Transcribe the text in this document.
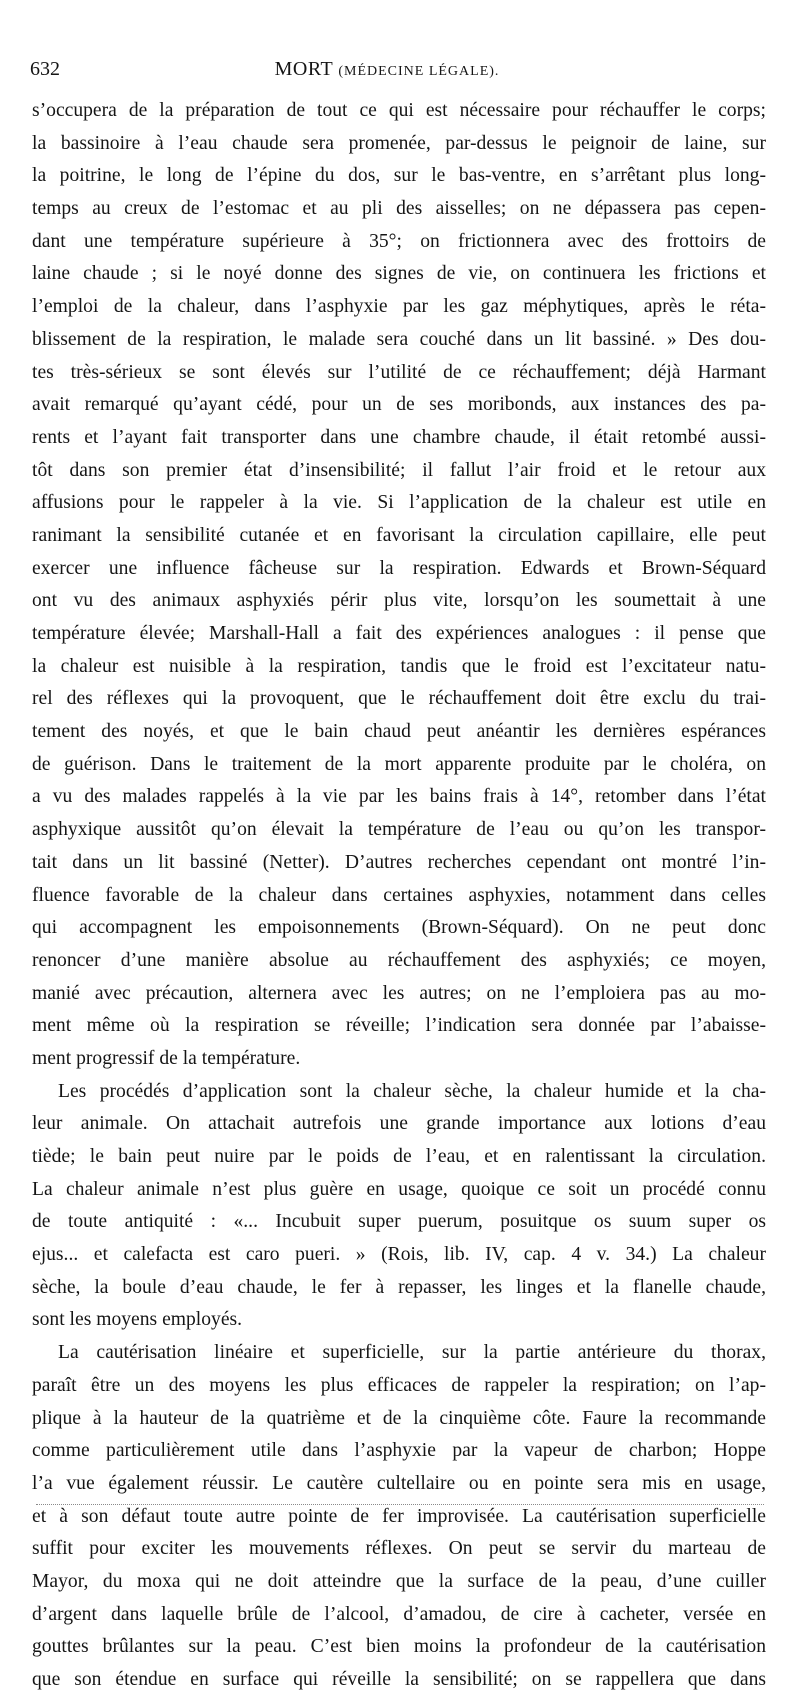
632	MORT (MÉDECINE LÉGALE).
s’occupera de la préparation de tout ce qui est nécessaire pour réchauffer le corps;
la bassinoire à l’eau chaude sera promenée, par-dessus le peignoir de laine, sur
la poitrine, le long de l’épine du dos, sur le bas-ventre, en s’arrêtant plus long-
temps au creux de l’estomac et au pli des aisselles; on ne dépassera pas cepen-
dant une température supérieure à 35°; on frictionnera avec des frottoirs de
laine chaude ; si le noyé donne des signes de vie, on continuera les frictions et
l’emploi de la chaleur, dans l’asphyxie par les gaz méphytiques, après le réta-
blissement de la respiration, le malade sera couché dans un lit bassiné. » Des dou-
tes très-sérieux se sont élevés sur l’utilité de ce réchauffement; déjà Harmant
avait remarqué qu’ayant cédé, pour un de ses moribonds, aux instances des pa-
rents et l’ayant fait transporter dans une chambre chaude, il était retombé aussi-
tôt dans son premier état d’insensibilité; il fallut l’air froid et le retour aux
affusions pour le rappeler à la vie. Si l’application de la chaleur est utile en
ranimant la sensibilité cutanée et en favorisant la circulation capillaire, elle peut
exercer une influence fâcheuse sur la respiration. Edwards et Brown-Séquard
ont vu des animaux asphyxiés périr plus vite, lorsqu’on les soumettait à une
température élevée; Marshall-Hall a fait des expériences analogues : il pense que
la chaleur est nuisible à la respiration, tandis que le froid est l’excitateur natu-
rel des réflexes qui la provoquent, que le réchauffement doit être exclu du trai-
tement des noyés, et que le bain chaud peut anéantir les dernières espérances
de guérison. Dans le traitement de la mort apparente produite par le choléra, on
a vu des malades rappelés à la vie par les bains frais à 14°, retomber dans l’état
asphyxique aussitôt qu’on élevait la température de l’eau ou qu’on les transpor-
tait dans un lit bassiné (Netter). D’autres recherches cependant ont montré l’in-
fluence favorable de la chaleur dans certaines asphyxies, notamment dans celles
qui accompagnent les empoisonnements (Brown-Séquard). On ne peut donc
renoncer d’une manière absolue au réchauffement des asphyxiés; ce moyen,
manié avec précaution, alternera avec les autres; on ne l’emploiera pas au mo-
ment même où la respiration se réveille; l’indication sera donnée par l’abaisse-
ment progressif de la température.
Les procédés d’application sont la chaleur sèche, la chaleur humide et la cha-
leur animale. On attachait autrefois une grande importance aux lotions d’eau
tiède; le bain peut nuire par le poids de l’eau, et en ralentissant la circulation.
La chaleur animale n’est plus guère en usage, quoique ce soit un procédé connu
de toute antiquité : «... Incubuit super puerum, posuitque os suum super os
ejus... et calefacta est caro pueri. » (Rois, lib. IV, cap. 4 v. 34.) La chaleur
sèche, la boule d’eau chaude, le fer à repasser, les linges et la flanelle chaude,
sont les moyens employés.
La cautérisation linéaire et superficielle, sur la partie antérieure du thorax,
paraît être un des moyens les plus efficaces de rappeler la respiration; on l’ap-
plique à la hauteur de la quatrième et de la cinquième côte. Faure la recommande
comme particulièrement utile dans l’asphyxie par la vapeur de charbon; Hoppe
l’a vue également réussir. Le cautère cultellaire ou en pointe sera mis en usage,
et à son défaut toute autre pointe de fer improvisée. La cautérisation superficielle
suffit pour exciter les mouvements réflexes. On peut se servir du marteau de
Mayor, du moxa qui ne doit atteindre que la surface de la peau, d’une cuiller
d’argent dans laquelle brûle de l’alcool, d’amadou, de cire à cacheter, versée en
gouttes brûlantes sur la peau. C’est bien moins la profondeur de la cautérisation
que son étendue en surface qui réveille la sensibilité; on se rappellera que dans
